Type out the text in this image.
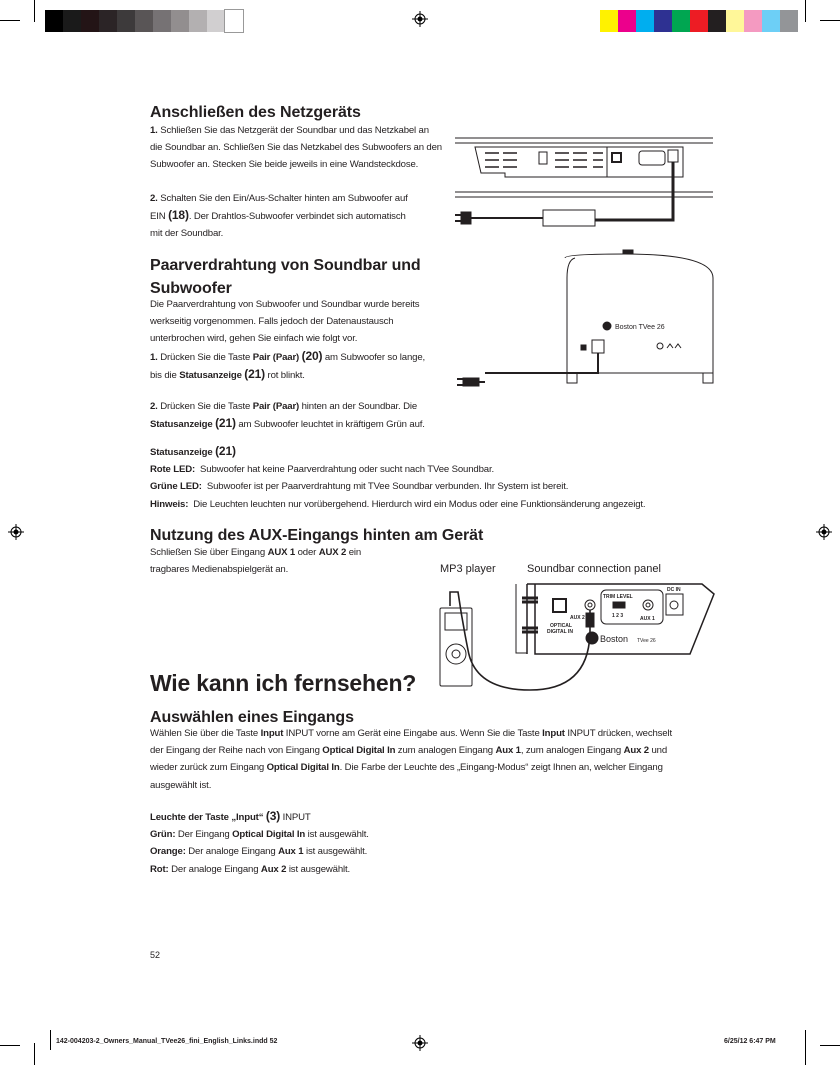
Anschließen des Netzgeräts
1. Schließen Sie das Netzgerät der Soundbar und das Netzkabel an
die Soundbar an. Schließen Sie das Netzkabel des Subwoofers an den
Subwoofer an. Stecken Sie beide jeweils in eine Wandsteckdose.
2. Schalten Sie den Ein/Aus-Schalter hinten am Subwoofer auf
EIN (18). Der Drahtlos-Subwoofer verbindet sich automatisch
mit der Soundbar.
Paarverdrahtung von Soundbar und
Subwoofer
Die Paarverdrahtung von Subwoofer und Soundbar wurde bereits
werkseitig vorgenommen. Falls jedoch der Datenaustausch
unterbrochen wird, gehen Sie einfach wie folgt vor.
1. Drücken Sie die Taste Pair (Paar) (20) am Subwoofer so lange,
bis die Statusanzeige (21) rot blinkt.
2. Drücken Sie die Taste Pair (Paar) hinten an der Soundbar. Die
Statusanzeige (21) am Subwoofer leuchtet in kräftigem Grün auf.
Boston TVee 26
Statusanzeige (21)
Rote LED:  Subwoofer hat keine Paarverdrahtung oder sucht nach TVee Soundbar.
Grüne LED:  Subwoofer ist per Paarverdrahtung mit TVee Soundbar verbunden. Ihr System ist bereit.
Hinweis:  Die Leuchten leuchten nur vorübergehend. Hierdurch wird ein Modus oder eine Funktionsänderung angezeigt.
Nutzung des AUX-Eingangs hinten am Gerät
Schließen Sie über Eingang AUX 1 oder AUX 2 ein
tragbares Medienabspielgerät an.	MP3 player	Soundbar connection panel
OPTICAL
DIGITAL IN
AUX 2
TRIM LEVEL
1 2 3	AUX 1
DC IN
Boston TVee 26
Wie kann ich fernsehen?
Auswählen eines Eingangs
Wählen Sie über die Taste Input INPUT vorne am Gerät eine Eingabe aus. Wenn Sie die Taste Input INPUT drücken, wechselt
der Eingang der Reihe nach von Eingang Optical Digital In zum analogen Eingang Aux 1, zum analogen Eingang Aux 2 und
wieder zurück zum Eingang Optical Digital In. Die Farbe der Leuchte des „Eingang-Modus“ zeigt Ihnen an, welcher Eingang
ausgewählt ist.
Leuchte der Taste „Input“ (3) INPUT
Grün: Der Eingang Optical Digital In ist ausgewählt.
Orange: Der analoge Eingang Aux 1 ist ausgewählt.
Rot: Der analoge Eingang Aux 2 ist ausgewählt.
52
142-004203-2_Owners_Manual_TVee26_fini_English_Links.indd 52	6/25/12 6:47 PM
